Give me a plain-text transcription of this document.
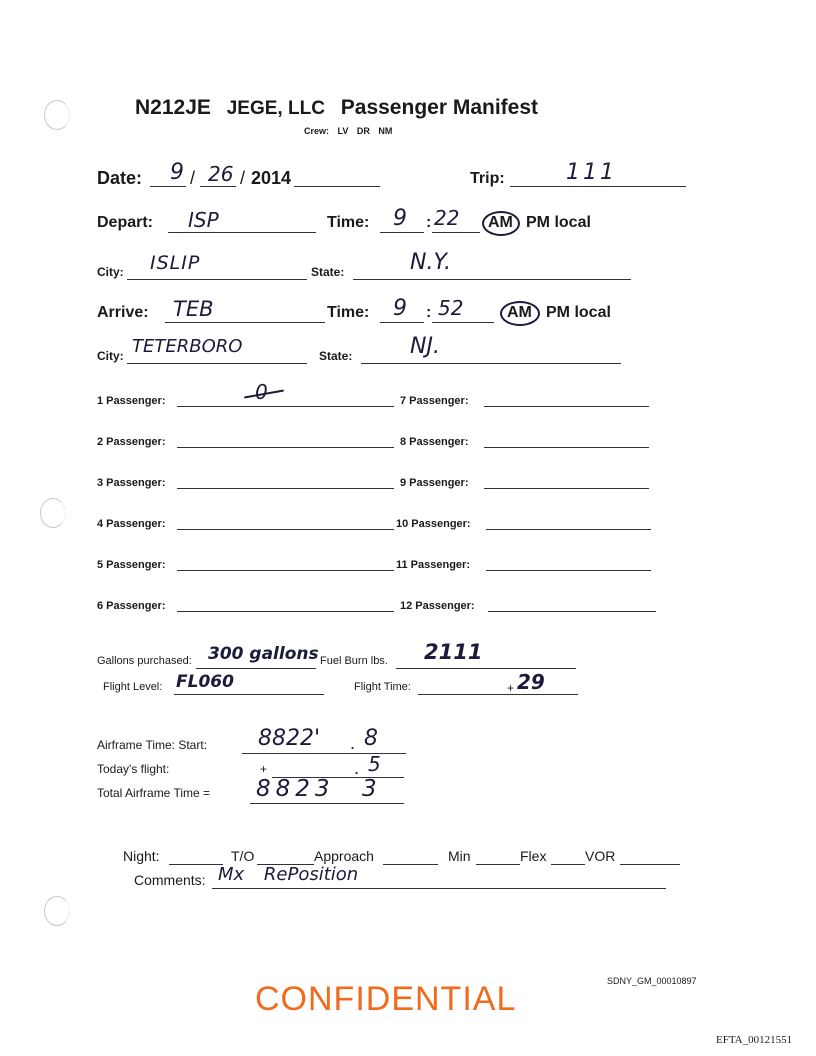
N212JE JEGE, LLC Passenger Manifest
Crew: LV DR NM
Date: 9 / 26 / 2014	Trip:	111
Depart: ISP	Time: 9 : 22 AM PM local
City: ISLIP	State:	N.Y.
Arrive: TEB	Time: 9 : 52	AM PM local
City: TETERBORO	State:	NJ.
1 Passenger:	0	7 Passenger:
2 Passenger:	8 Passenger:
3 Passenger:	9 Passenger:
4 Passenger:	10 Passenger:
5 Passenger:	11 Passenger:
6 Passenger:	12 Passenger:
Gallons purchased: 300 gallons Fuel Burn lbs. 2111
Flight Level: FL060	Flight Time:	+ 29
Airframe Time: Start: 8822' . 8
Today's flight:	+	. 5
Total Airframe Time = 8823 3
Night:	T/O	Approach	Min	Flex	VOR
Comments: Mx RePosition
CONFIDENTIAL	SDNY_GM_00010897
EFTA_00121551
